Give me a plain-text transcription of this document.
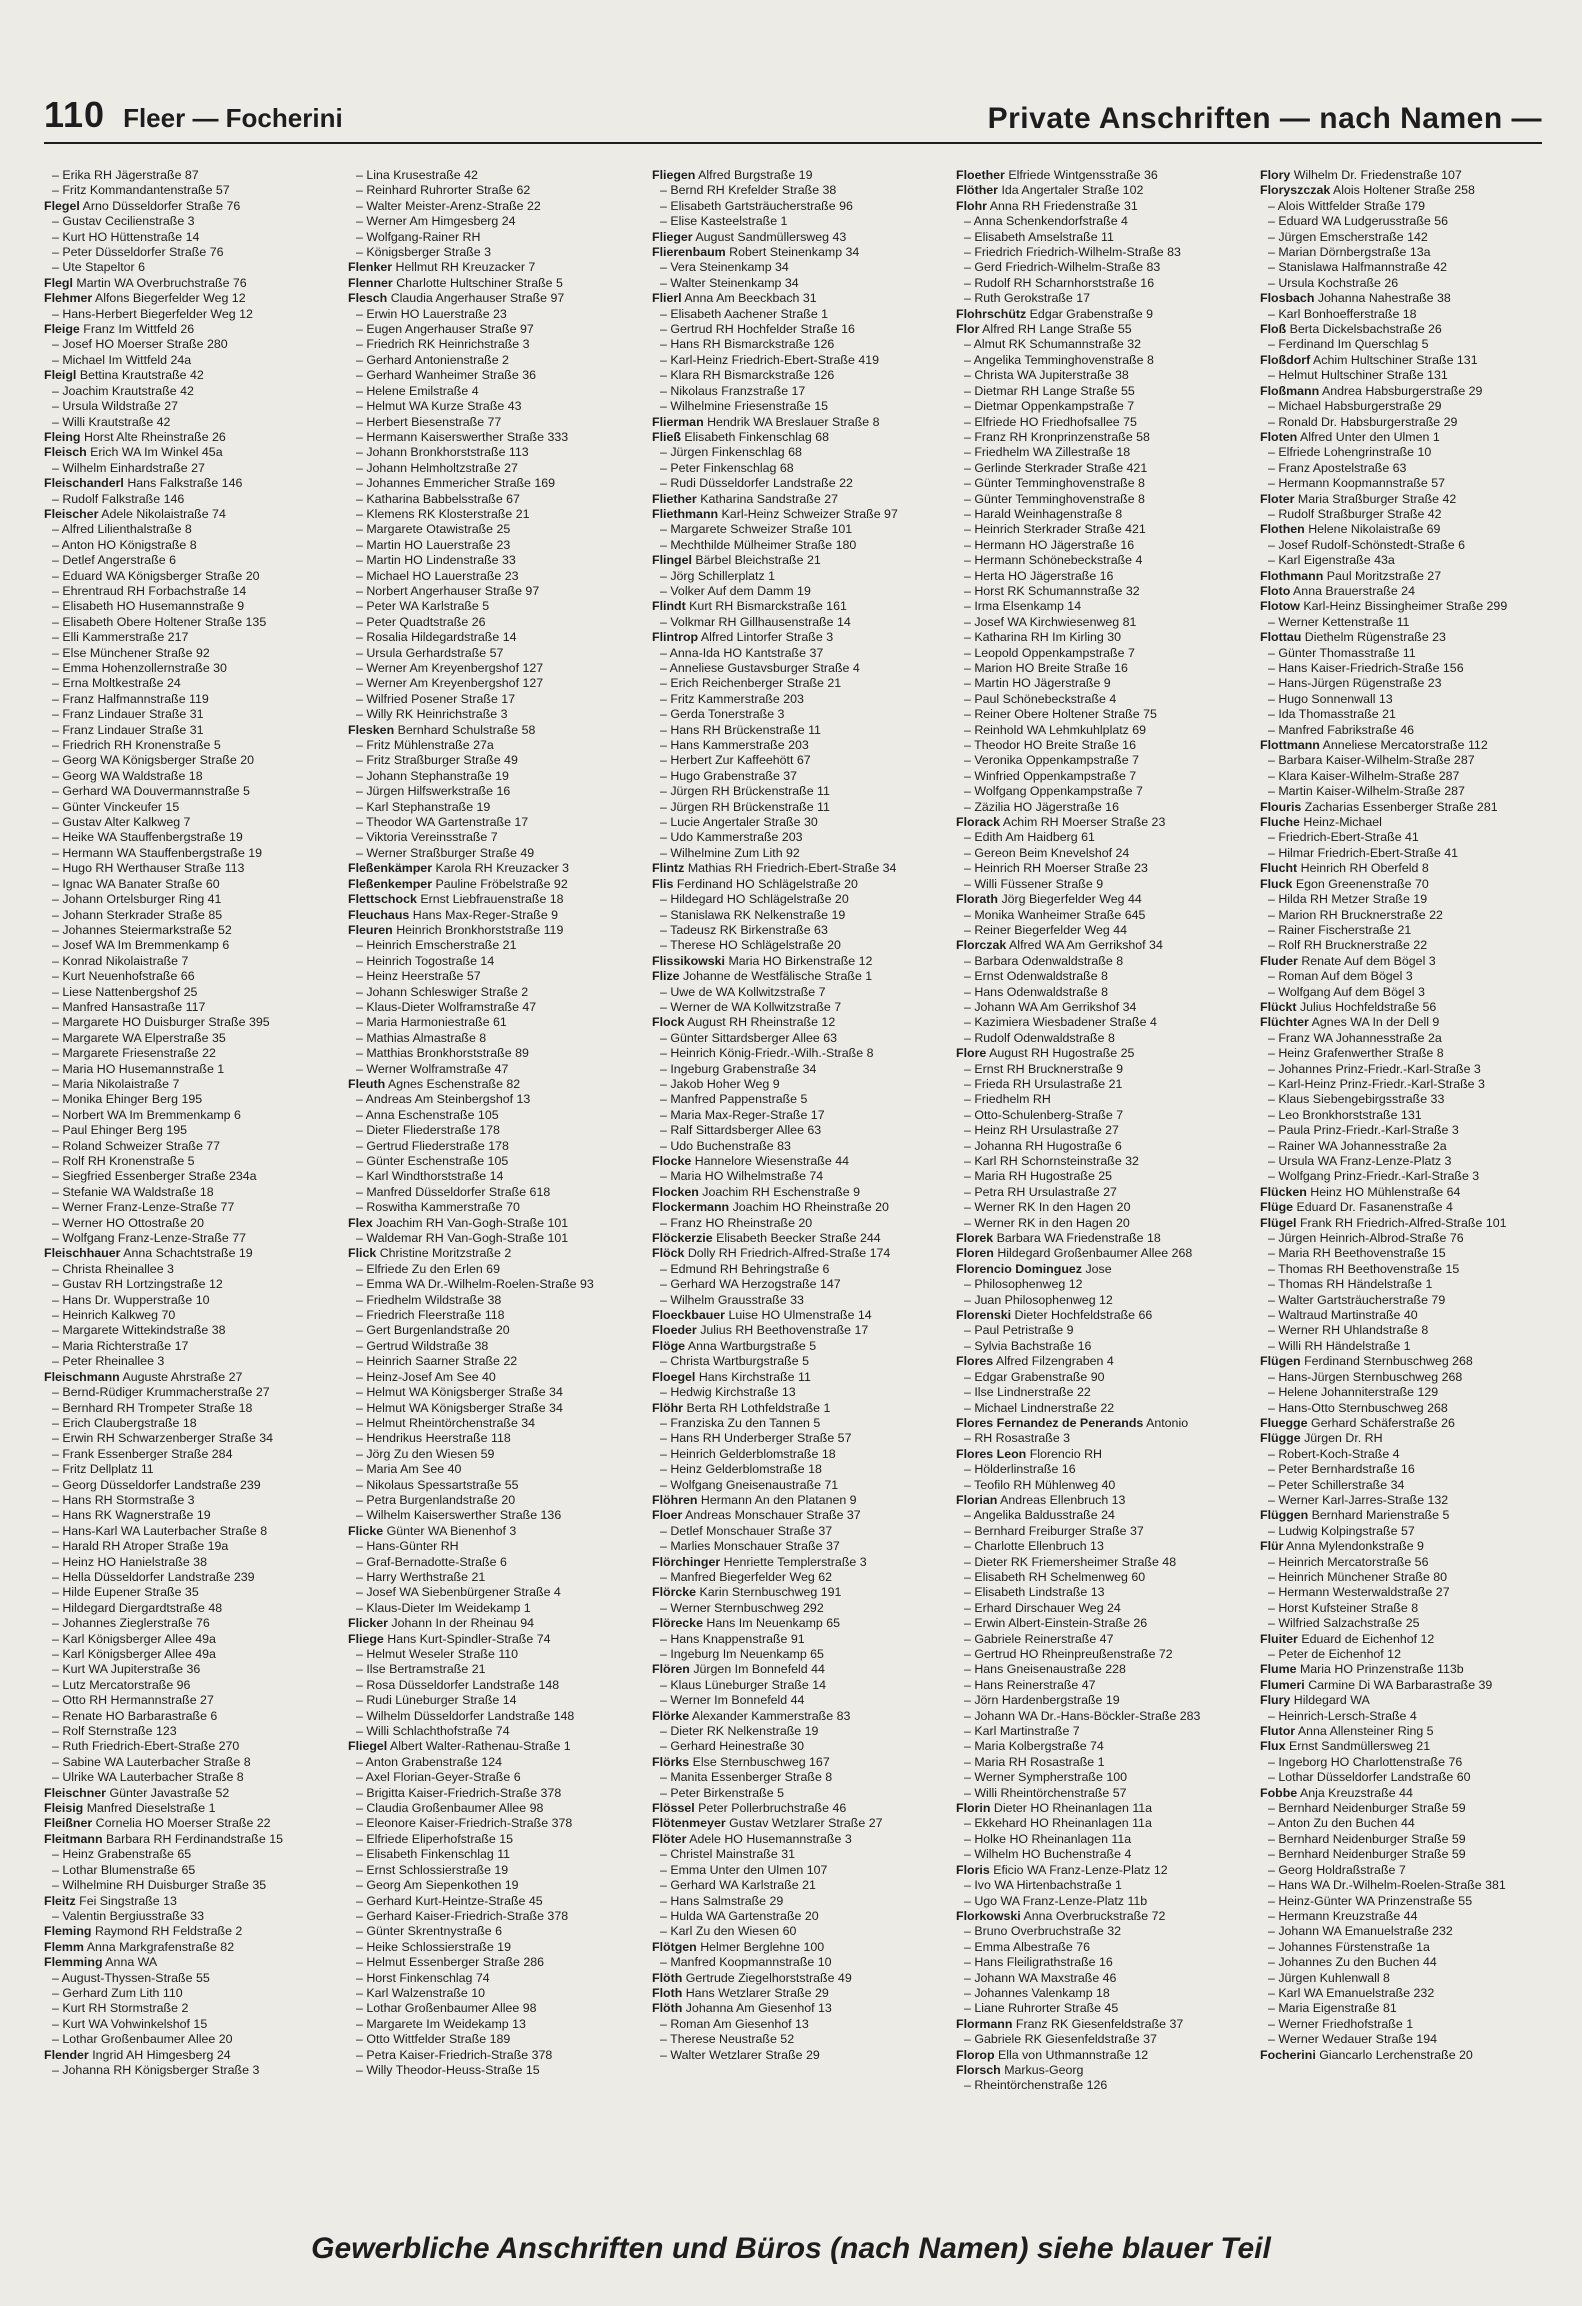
110 Fleer — Focherini	Private Anschriften — nach Namen —
– Erika RH Jägerstraße 87
– Fritz Kommandantenstraße 57
Flegel Arno Düsseldorfer Straße 76
– Gustav Cecilienstraße 3
– Kurt HO Hüttenstraße 14
– Peter Düsseldorfer Straße 76
– Ute Stapeltor 6
Flegl Martin WA Overbruchstraße 76
Flehmer Alfons Biegerfelder Weg 12
– Hans-Herbert Biegerfelder Weg 12
Fleige Franz Im Wittfeld 26
– Josef HO Moerser Straße 280
– Michael Im Wittfeld 24a
Fleigl Bettina Krautstraße 42
– Joachim Krautstraße 42
– Ursula Wildstraße 27
– Willi Krautstraße 42
Fleing Horst Alte Rheinstraße 26
Fleisch Erich WA Im Winkel 45a
– Wilhelm Einhardstraße 27
Fleischanderl Hans Falkstraße 146
– Rudolf Falkstraße 146
Fleischer Adele Nikolaistraße 74
– Alfred Lilienthalstraße 8
– Anton HO Königstraße 8
– Detlef Angerstraße 6
– Eduard WA Königsberger Straße 20
– Ehrentraud RH Forbachstraße 14
– Elisabeth HO Husemannstraße 9
– Elisabeth Obere Holtener Straße 135
– Elli Kammerstraße 217
– Else Münchener Straße 92
– Emma Hohenzollernstraße 30
– Erna Moltkestraße 24
– Franz Halfmannstraße 119
– Franz Lindauer Straße 31
– Franz Lindauer Straße 31
– Friedrich RH Kronenstraße 5
– Georg WA Königsberger Straße 20
– Georg WA Waldstraße 18
– Gerhard WA Douvermannstraße 5
– Günter Vinckeufer 15
– Gustav Alter Kalkweg 7
– Heike WA Stauffenbergstraße 19
– Hermann WA Stauffenbergstraße 19
– Hugo RH Werthauser Straße 113
– Ignac WA Banater Straße 60
– Johann Ortelsburger Ring 41
– Johann Sterkrader Straße 85
– Johannes Steiermarkstraße 52
– Josef WA Im Bremmenkamp 6
– Konrad Nikolaistraße 7
– Kurt Neuenhofstraße 66
– Liese Nattenbergshof 25
– Manfred Hansastraße 117
– Margarete HO Duisburger Straße 395
– Margarete WA Elperstraße 35
– Margarete Friesenstraße 22
– Maria HO Husemannstraße 1
– Maria Nikolaistraße 7
– Monika Ehinger Berg 195
– Norbert WA Im Bremmenkamp 6
– Paul Ehinger Berg 195
– Roland Schweizer Straße 77
– Rolf RH Kronenstraße 5
– Siegfried Essenberger Straße 234a
– Stefanie WA Waldstraße 18
– Werner Franz-Lenze-Straße 77
– Werner HO Ottostraße 20
– Wolfgang Franz-Lenze-Straße 77
Fleischhauer Anna Schachtstraße 19
– Christa Rheinallee 3
– Gustav RH Lortzingstraße 12
– Hans Dr. Wupperstraße 10
– Heinrich Kalkweg 70
– Margarete Wittekindstraße 38
– Maria Richterstraße 17
– Peter Rheinallee 3
Fleischmann Auguste Ahrstraße 27
– Bernd-Rüdiger Krummacherstraße 27
– Bernhard RH Trompeter Straße 18
– Erich Claubergstraße 18
– Erwin RH Schwarzenberger Straße 34
– Frank Essenberger Straße 284
– Fritz Dellplatz 11
– Georg Düsseldorfer Landstraße 239
– Hans RH Stormstraße 3
– Hans RK Wagnerstraße 19
– Hans-Karl WA Lauterbacher Straße 8
– Harald RH Atroper Straße 19a
– Heinz HO Hanielstraße 38
– Hella Düsseldorfer Landstraße 239
– Hilde Eupener Straße 35
– Hildegard Diergardtstraße 48
– Johannes Zieglerstraße 76
– Karl Königsberger Allee 49a
– Karl Königsberger Allee 49a
– Kurt WA Jupiterstraße 36
– Lutz Mercatorstraße 96
– Otto RH Hermannstraße 27
– Renate HO Barbarastraße 6
– Rolf Sternstraße 123
– Ruth Friedrich-Ebert-Straße 270
– Sabine WA Lauterbacher Straße 8
– Ulrike WA Lauterbacher Straße 8
Fleischner Günter Javastraße 52
Fleisig Manfred Dieselstraße 1
Fleißner Cornelia HO Moerser Straße 22
Fleitmann Barbara RH Ferdinandstraße 15
– Heinz Grabenstraße 65
– Lothar Blumenstraße 65
– Wilhelmine RH Duisburger Straße 35
Fleitz Fei Singstraße 13
– Valentin Bergiusstraße 33
Fleming Raymond RH Feldstraße 2
Flemm Anna Markgrafenstraße 82
Flemming Anna WA
– August-Thyssen-Straße 55
– Gerhard Zum Lith 110
– Kurt RH Stormstraße 2
– Kurt WA Vohwinkelshof 15
– Lothar Großenbaumer Allee 20
Flender Ingrid AH Himgesberg 24
– Johanna RH Königsberger Straße 3
– Lina Krusestraße 42
– Reinhard Ruhrorter Straße 62
– Walter Meister-Arenz-Straße 22
– Werner Am Himgesberg 24
– Wolfgang-Rainer RH
– Königsberger Straße 3
Flenker Hellmut RH Kreuzacker 7
Flenner Charlotte Hultschiner Straße 5
Flesch Claudia Angerhauser Straße 97
– Erwin HO Lauerstraße 23
– Eugen Angerhauser Straße 97
– Friedrich RK Heinrichstraße 3
– Gerhard Antonienstraße 2
– Gerhard Wanheimer Straße 36
– Helene Emilstraße 4
– Helmut WA Kurze Straße 43
– Herbert Biesenstraße 77
– Hermann Kaiserswerther Straße 333
– Johann Bronkhorststraße 113
– Johann Helmholtzstraße 27
– Johannes Emmericher Straße 169
– Katharina Babbelsstraße 67
– Klemens RK Klosterstraße 21
– Margarete Otawistraße 25
– Martin HO Lauerstraße 23
– Martin HO Lindenstraße 33
– Michael HO Lauerstraße 23
– Norbert Angerhauser Straße 97
– Peter WA Karlstraße 5
– Peter Quadtstraße 26
– Rosalia Hildegardstraße 14
– Ursula Gerhardstraße 57
– Werner Am Kreyenbergshof 127
– Werner Am Kreyenbergshof 127
– Wilfried Posener Straße 17
– Willy RK Heinrichstraße 3
Flesken Bernhard Schulstraße 58
– Fritz Mühlenstraße 27a
– Fritz Straßburger Straße 49
– Johann Stephanstraße 19
– Jürgen Hilfswerkstraße 16
– Karl Stephanstraße 19
– Theodor WA Gartenstraße 17
– Viktoria Vereinsstraße 7
– Werner Straßburger Straße 49
Fleßenkämper Karola RH Kreuzacker 3
Fleßenkemper Pauline Fröbelstraße 92
Flettschock Ernst Liebfrauenstraße 18
Fleuchaus Hans Max-Reger-Straße 9
Fleuren Heinrich Bronkhorststraße 119
– Heinrich Emscherstraße 21
– Heinrich Togostraße 14
– Heinz Heerstraße 57
– Johann Schleswiger Straße 2
– Klaus-Dieter Wolframstraße 47
– Maria Harmoniestraße 61
– Mathias Almastraße 8
– Matthias Bronkhorststraße 89
– Werner Wolframstraße 47
Fleuth Agnes Eschenstraße 82
– Andreas Am Steinbergshof 13
– Anna Eschenstraße 105
– Dieter Fliederstraße 178
– Gertrud Fliederstraße 178
– Günter Eschenstraße 105
– Karl Windthorststraße 14
– Manfred Düsseldorfer Straße 618
– Roswitha Kammerstraße 70
Flex Joachim RH Van-Gogh-Straße 101
– Waldemar RH Van-Gogh-Straße 101
Flick Christine Moritzstraße 2
– Elfriede Zu den Erlen 69
– Emma WA Dr.-Wilhelm-Roelen-Straße 93
– Friedhelm Wildstraße 38
– Friedrich Fleerstraße 118
– Gert Burgenlandstraße 20
– Gertrud Wildstraße 38
– Heinrich Saarner Straße 22
– Heinz-Josef Am See 40
– Helmut WA Königsberger Straße 34
– Helmut WA Königsberger Straße 34
– Helmut Rheintörchenstraße 34
– Hendrikus Heerstraße 118
– Jörg Zu den Wiesen 59
– Maria Am See 40
– Nikolaus Spessartstraße 55
– Petra Burgenlandstraße 20
– Wilhelm Kaiserswerther Straße 136
Flicke Günter WA Bienenhof 3
– Hans-Günter RH
– Graf-Bernadotte-Straße 6
– Harry Werthstraße 21
– Josef WA Siebenbürgener Straße 4
– Klaus-Dieter Im Weidekamp 1
Flicker Johann In der Rheinau 94
Fliege Hans Kurt-Spindler-Straße 74
– Helmut Weseler Straße 110
– Ilse Bertramstraße 21
– Rosa Düsseldorfer Landstraße 148
– Rudi Lüneburger Straße 14
– Wilhelm Düsseldorfer Landstraße 148
– Willi Schlachthofstraße 74
Fliegel Albert Walter-Rathenau-Straße 1
– Anton Grabenstraße 124
– Axel Florian-Geyer-Straße 6
– Brigitta Kaiser-Friedrich-Straße 378
– Claudia Großenbaumer Allee 98
– Eleonore Kaiser-Friedrich-Straße 378
– Elfriede Eliperhofstraße 15
– Elisabeth Finkenschlag 11
– Ernst Schlossierstraße 19
– Georg Am Siepenkothen 19
– Gerhard Kurt-Heintze-Straße 45
– Gerhard Kaiser-Friedrich-Straße 378
– Günter Skrentnystraße 6
– Heike Schlossierstraße 19
– Helmut Essenberger Straße 286
– Horst Finkenschlag 74
– Karl Walzenstraße 10
– Lothar Großenbaumer Allee 98
– Margarete Im Weidekamp 13
– Otto Wittfelder Straße 189
– Petra Kaiser-Friedrich-Straße 378
– Willy Theodor-Heuss-Straße 15
Fliegen Alfred Burgstraße 19
– Bernd RH Krefelder Straße 38
– Elisabeth Gartsträucherstraße 96
– Elise Kasteelstraße 1
Flieger August Sandmüllersweg 43
Flierenbaum Robert Steinenkamp 34
– Vera Steinenkamp 34
– Walter Steinenkamp 34
Flierl Anna Am Beeckbach 31
– Elisabeth Aachener Straße 1
– Gertrud RH Hochfelder Straße 16
– Hans RH Bismarckstraße 126
– Karl-Heinz Friedrich-Ebert-Straße 419
– Klara RH Bismarckstraße 126
– Nikolaus Franzstraße 17
– Wilhelmine Friesenstraße 15
Flierman Hendrik WA Breslauer Straße 8
Fließ Elisabeth Finkenschlag 68
– Jürgen Finkenschlag 68
– Peter Finkenschlag 68
– Rudi Düsseldorfer Landstraße 22
Fliether Katharina Sandstraße 27
Fliethmann Karl-Heinz Schweizer Straße 97
– Margarete Schweizer Straße 101
– Mechthilde Mülheimer Straße 180
Flingel Bärbel Bleichstraße 21
– Jörg Schillerplatz 1
– Volker Auf dem Damm 19
Flindt Kurt RH Bismarckstraße 161
– Volkmar RH Gillhausenstraße 14
Flintrop Alfred Lintorfer Straße 3
– Anna-Ida HO Kantstraße 37
– Anneliese Gustavsburger Straße 4
– Erich Reichenberger Straße 21
– Fritz Kammerstraße 203
– Gerda Tonerstraße 3
– Hans RH Brückenstraße 11
– Hans Kammerstraße 203
– Herbert Zur Kaffeehött 67
– Hugo Grabenstraße 37
– Jürgen RH Brückenstraße 11
– Jürgen RH Brückenstraße 11
– Lucie Angertaler Straße 30
– Udo Kammerstraße 203
– Wilhelmine Zum Lith 92
Flintz Mathias RH Friedrich-Ebert-Straße 34
Flis Ferdinand HO Schlägelstraße 20
– Hildegard HO Schlägelstraße 20
– Stanislawa RK Nelkenstraße 19
– Tadeusz RK Birkenstraße 63
– Therese HO Schlägelstraße 20
Flissikowski Maria HO Birkenstraße 12
Flize Johanne de Westfälische Straße 1
– Uwe de WA Kollwitzstraße 7
– Werner de WA Kollwitzstraße 7
Flock August RH Rheinstraße 12
– Günter Sittardsberger Allee 63
– Heinrich König-Friedr.-Wilh.-Straße 8
– Ingeburg Grabenstraße 34
– Jakob Hoher Weg 9
– Manfred Pappenstraße 5
– Maria Max-Reger-Straße 17
– Ralf Sittardsberger Allee 63
– Udo Buchenstraße 83
Flocke Hannelore Wiesenstraße 44
– Maria HO Wilhelmstraße 74
Flocken Joachim RH Eschenstraße 9
Flockermann Joachim HO Rheinstraße 20
– Franz HO Rheinstraße 20
Flöckerzie Elisabeth Beecker Straße 244
Flöck Dolly RH Friedrich-Alfred-Straße 174
– Edmund RH Behringstraße 6
– Gerhard WA Herzogstraße 147
– Wilhelm Grausstraße 33
Floeckbauer Luise HO Ulmenstraße 14
Floeder Julius RH Beethovenstraße 17
Flöge Anna Wartburgstraße 5
– Christa Wartburgstraße 5
Floegel Hans Kirchstraße 11
– Hedwig Kirchstraße 13
Flöhr Berta RH Lothfeldstraße 1
– Franziska Zu den Tannen 5
– Hans RH Underberger Straße 57
– Heinrich Gelderblomstraße 18
– Heinz Gelderblomstraße 18
– Wolfgang Gneisenaustraße 71
Flöhren Hermann An den Platanen 9
Floer Andreas Monschauer Straße 37
– Detlef Monschauer Straße 37
– Marlies Monschauer Straße 37
Flörchinger Henriette Templerstraße 3
– Manfred Biegerfelder Weg 62
Flörcke Karin Sternbuschweg 191
– Werner Sternbuschweg 292
Flörecke Hans Im Neuenkamp 65
– Hans Knappenstraße 91
– Ingeburg Im Neuenkamp 65
Flören Jürgen Im Bonnefeld 44
– Klaus Lüneburger Straße 14
– Werner Im Bonnefeld 44
Flörke Alexander Kammerstraße 83
– Dieter RK Nelkenstraße 19
– Gerhard Heinestraße 30
Flörks Else Sternbuschweg 167
– Manita Essenberger Straße 8
– Peter Birkenstraße 5
Flössel Peter Pollerbruchstraße 46
Flötenmeyer Gustav Wetzlarer Straße 27
Flöter Adele HO Husemannstraße 3
– Christel Mainstraße 31
– Emma Unter den Ulmen 107
– Gerhard WA Karlstraße 21
– Hans Salmstraße 29
– Hulda WA Gartenstraße 20
– Karl Zu den Wiesen 60
Flötgen Helmer Berglehne 100
– Manfred Koopmannstraße 10
Flöth Gertrude Ziegelhorststraße 49
Floth Hans Wetzlarer Straße 29
Flöth Johanna Am Giesenhof 13
– Roman Am Giesenhof 13
– Therese Neustraße 52
– Walter Wetzlarer Straße 29
Floether Elfriede Wintgensstraße 36
Flöther Ida Angertaler Straße 102
Flohr Anna RH Friedenstraße 31
– Anna Schenkendorfstraße 4
– Elisabeth Amselstraße 11
– Friedrich Friedrich-Wilhelm-Straße 83
– Gerd Friedrich-Wilhelm-Straße 83
– Rudolf RH Scharnhorststraße 16
– Ruth Gerokstraße 17
Flohrschütz Edgar Grabenstraße 9
Flor Alfred RH Lange Straße 55
– Almut RK Schumannstraße 32
– Angelika Temminghovenstraße 8
– Christa WA Jupiterstraße 38
– Dietmar RH Lange Straße 55
– Dietmar Oppenkampstraße 7
– Elfriede HO Friedhofsallee 75
– Franz RH Kronprinzenstraße 58
– Friedhelm WA Zillestraße 18
– Gerlinde Sterkrader Straße 421
– Günter Temminghovenstraße 8
– Günter Temminghovenstraße 8
– Harald Weinhagenstraße 8
– Heinrich Sterkrader Straße 421
– Hermann HO Jägerstraße 16
– Hermann Schönebeckstraße 4
– Herta HO Jägerstraße 16
– Horst RK Schumannstraße 32
– Irma Elsenkamp 14
– Josef WA Kirchwiesenweg 81
– Katharina RH Im Kirling 30
– Leopold Oppenkampstraße 7
– Marion HO Breite Straße 16
– Martin HO Jägerstraße 9
– Paul Schönebeckstraße 4
– Reiner Obere Holtener Straße 75
– Reinhold WA Lehmkuhlplatz 69
– Theodor HO Breite Straße 16
– Veronika Oppenkampstraße 7
– Winfried Oppenkampstraße 7
– Wolfgang Oppenkampstraße 7
– Zäzilia HO Jägerstraße 16
Florack Achim RH Moerser Straße 23
– Edith Am Haidberg 61
– Gereon Beim Knevelshof 24
– Heinrich RH Moerser Straße 23
– Willi Füssener Straße 9
Florath Jörg Biegerfelder Weg 44
– Monika Wanheimer Straße 645
– Reiner Biegerfelder Weg 44
Florczak Alfred WA Am Gerrikshof 34
– Barbara Odenwaldstraße 8
– Ernst Odenwaldstraße 8
– Hans Odenwaldstraße 8
– Johann WA Am Gerrikshof 34
– Kazimiera Wiesbadener Straße 4
– Rudolf Odenwaldstraße 8
Flore August RH Hugostraße 25
– Ernst RH Brucknerstraße 9
– Frieda RH Ursulastraße 21
– Friedhelm RH
– Otto-Schulenberg-Straße 7
– Heinz RH Ursulastraße 27
– Johanna RH Hugostraße 6
– Karl RH Schornsteinstraße 32
– Maria RH Hugostraße 25
– Petra RH Ursulastraße 27
– Werner RK In den Hagen 20
– Werner RK in den Hagen 20
Florek Barbara WA Friedenstraße 18
Floren Hildegard Großenbaumer Allee 268
Florencio Dominguez Jose
– Philosophenweg 12
– Juan Philosophenweg 12
Florenski Dieter Hochfeldstraße 66
– Paul Petristraße 9
– Sylvia Bachstraße 16
Flores Alfred Filzengraben 4
– Edgar Grabenstraße 90
– Ilse Lindnerstraße 22
– Michael Lindnerstraße 22
Flores Fernandez de Penerands Antonio
– RH Rosastraße 3
Flores Leon Florencio RH
– Hölderlinstraße 16
– Teofilo RH Mühlenweg 40
Florian Andreas Ellenbruch 13
– Angelika Baldusstraße 24
– Bernhard Freiburger Straße 37
– Charlotte Ellenbruch 13
– Dieter RK Friemersheimer Straße 48
– Elisabeth RH Schelmenweg 60
– Elisabeth Lindstraße 13
– Erhard Dirschauer Weg 24
– Erwin Albert-Einstein-Straße 26
– Gabriele Reinerstraße 47
– Gertrud HO Rheinpreußenstraße 72
– Hans Gneisenaustraße 228
– Hans Reinerstraße 47
– Jörn Hardenbergstraße 19
– Johann WA Dr.-Hans-Böckler-Straße 283
– Karl Martinstraße 7
– Maria Kolbergstraße 74
– Maria RH Rosastraße 1
– Werner Sympherstraße 100
– Willi Rheintörchenstraße 57
Florin Dieter HO Rheinanlagen 11a
– Ekkehard HO Rheinanlagen 11a
– Holke HO Rheinanlagen 11a
– Wilhelm HO Buchenstraße 4
Floris Eficio WA Franz-Lenze-Platz 12
– Ivo WA Hirtenbachstraße 1
– Ugo WA Franz-Lenze-Platz 11b
Florkowski Anna Overbruckstraße 72
– Bruno Overbruchstraße 32
– Emma Albestraße 76
– Hans Fleiligrathstraße 16
– Johann WA Maxstraße 46
– Johannes Valenkamp 18
– Liane Ruhrorter Straße 45
Flormann Franz RK Giesenfeldstraße 37
– Gabriele RK Giesenfeldstraße 37
Florop Ella von Uthmannstraße 12
Florsch Markus-Georg
– Rheintörchenstraße 126
Flory Wilhelm Dr. Friedenstraße 107
Floryszczak Alois Holtener Straße 258
– Alois Wittfelder Straße 179
– Eduard WA Ludgerusstraße 56
– Jürgen Emscherstraße 142
– Marian Dörnbergstraße 13a
– Stanislawa Halfmannstraße 42
– Ursula Kochstraße 26
Flosbach Johanna Nahestraße 38
– Karl Bonhoefferstraße 18
Floß Berta Dickelsbachstraße 26
– Ferdinand Im Querschlag 5
Floßdorf Achim Hultschiner Straße 131
– Helmut Hultschiner Straße 131
Floßmann Andrea Habsburgerstraße 29
– Michael Habsburgerstraße 29
– Ronald Dr. Habsburgerstraße 29
Floten Alfred Unter den Ulmen 1
– Elfriede Lohengrinstraße 10
– Franz Apostelstraße 63
– Hermann Koopmannstraße 57
Floter Maria Straßburger Straße 42
– Rudolf Straßburger Straße 42
Flothen Helene Nikolaistraße 69
– Josef Rudolf-Schönstedt-Straße 6
– Karl Eigenstraße 43a
Flothmann Paul Moritzstraße 27
Floto Anna Brauerstraße 24
Flotow Karl-Heinz Bissingheimer Straße 299
– Werner Kettenstraße 11
Flottau Diethelm Rügenstraße 23
– Günter Thomasstraße 11
– Hans Kaiser-Friedrich-Straße 156
– Hans-Jürgen Rügenstraße 23
– Hugo Sonnenwall 13
– Ida Thomasstraße 21
– Manfred Fabrikstraße 46
Flottmann Anneliese Mercatorstraße 112
– Barbara Kaiser-Wilhelm-Straße 287
– Klara Kaiser-Wilhelm-Straße 287
– Martin Kaiser-Wilhelm-Straße 287
Flouris Zacharias Essenberger Straße 281
Fluche Heinz-Michael
– Friedrich-Ebert-Straße 41
– Hilmar Friedrich-Ebert-Straße 41
Flucht Heinrich RH Oberfeld 8
Fluck Egon Greenenstraße 70
– Hilda RH Metzer Straße 19
– Marion RH Brucknerstraße 22
– Rainer Fischerstraße 21
– Rolf RH Brucknerstraße 22
Fluder Renate Auf dem Bögel 3
– Roman Auf dem Bögel 3
– Wolfgang Auf dem Bögel 3
Flückt Julius Hochfeldstraße 56
Flüchter Agnes WA In der Dell 9
– Franz WA Johannesstraße 2a
– Heinz Grafenwerther Straße 8
– Johannes Prinz-Friedr.-Karl-Straße 3
– Karl-Heinz Prinz-Friedr.-Karl-Straße 3
– Klaus Siebengebirgsstraße 33
– Leo Bronkhorststraße 131
– Paula Prinz-Friedr.-Karl-Straße 3
– Rainer WA Johannesstraße 2a
– Ursula WA Franz-Lenze-Platz 3
– Wolfgang Prinz-Friedr.-Karl-Straße 3
Flücken Heinz HO Mühlenstraße 64
Flüge Eduard Dr. Fasanenstraße 4
Flügel Frank RH Friedrich-Alfred-Straße 101
– Jürgen Heinrich-Albrod-Straße 76
– Maria RH Beethovenstraße 15
– Thomas RH Beethovenstraße 15
– Thomas RH Händelstraße 1
– Walter Gartsträucherstraße 79
– Waltraud Martinstraße 40
– Werner RH Uhlandstraße 8
– Willi RH Händelstraße 1
Flügen Ferdinand Sternbuschweg 268
– Hans-Jürgen Sternbuschweg 268
– Helene Johanniterstraße 129
– Hans-Otto Sternbuschweg 268
Fluegge Gerhard Schäferstraße 26
Flügge Jürgen Dr. RH
– Robert-Koch-Straße 4
– Peter Bernhardstraße 16
– Peter Schillerstraße 34
– Werner Karl-Jarres-Straße 132
Flüggen Bernhard Marienstraße 5
– Ludwig Kolpingstraße 57
Flür Anna Mylendonkstraße 9
– Heinrich Mercatorstraße 56
– Heinrich Münchener Straße 80
– Hermann Westerwaldstraße 27
– Horst Kufsteiner Straße 8
– Wilfried Salzachstraße 25
Fluiter Eduard de Eichenhof 12
– Peter de Eichenhof 12
Flume Maria HO Prinzenstraße 113b
Flumeri Carmine Di WA Barbarastraße 39
Flury Hildegard WA
– Heinrich-Lersch-Straße 4
Flutor Anna Allensteiner Ring 5
Flux Ernst Sandmüllersweg 21
– Ingeborg HO Charlottenstraße 76
– Lothar Düsseldorfer Landstraße 60
Fobbe Anja Kreuzstraße 44
– Bernhard Neidenburger Straße 59
– Anton Zu den Buchen 44
– Bernhard Neidenburger Straße 59
– Bernhard Neidenburger Straße 59
– Georg Holdraßstraße 7
– Hans WA Dr.-Wilhelm-Roelen-Straße 381
– Heinz-Günter WA Prinzenstraße 55
– Hermann Kreuzstraße 44
– Johann WA Emanuelstraße 232
– Johannes Fürstenstraße 1a
– Johannes Zu den Buchen 44
– Jürgen Kuhlenwall 8
– Karl WA Emanuelstraße 232
– Maria Eigenstraße 81
– Werner Friedhofstraße 1
– Werner Wedauer Straße 194
Focherini Giancarlo Lerchenstraße 20
Gewerbliche Anschriften und Büros (nach Namen) siehe blauer Teil
